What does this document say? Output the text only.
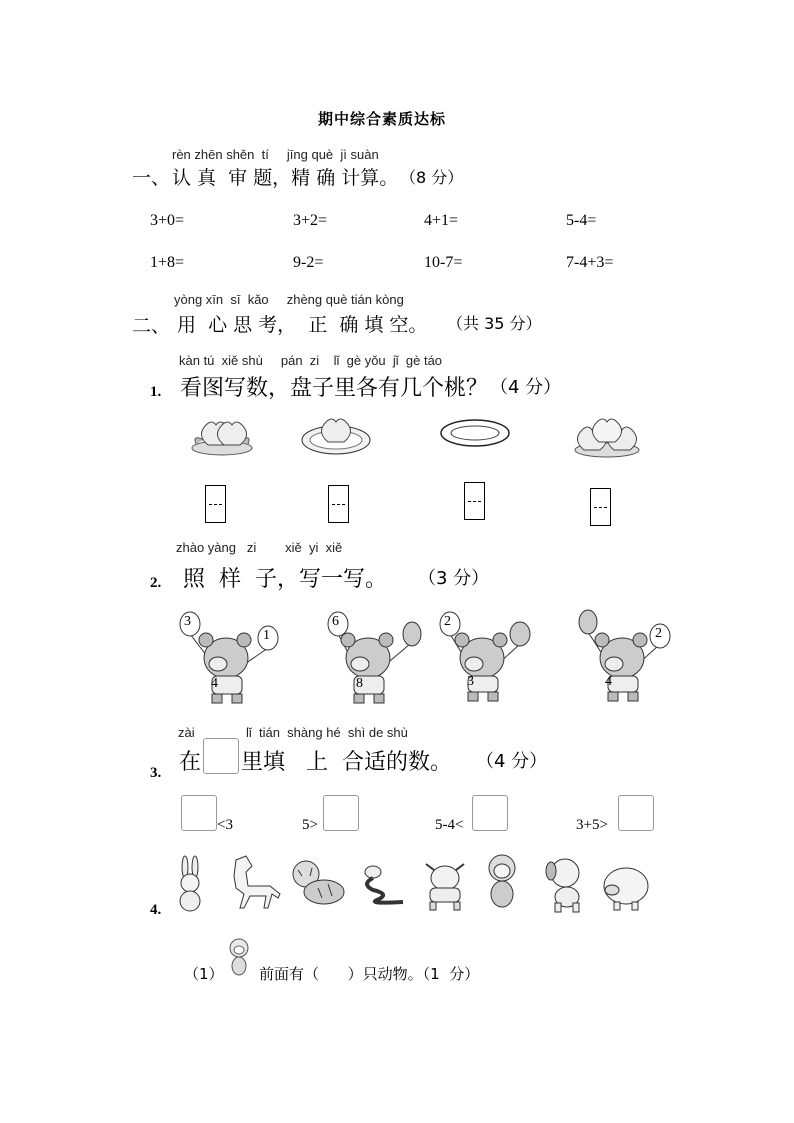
期中综合素质达标
rèn zhēn shěn  tí     jīng què  jì suàn
一、 认 真  审 题，精 确 计算。 （8 分）
3+0=	3+2=	4+1=	5-4=
1+8=	9-2=	10-7=	7-4+3=
yòng xīn  sī  kǎo     zhèng què tián kòng
二、 用  心 思 考，  正  确 填 空。 （共 35 分）
kàn tú  xiě shù     pán  zi    lǐ  gè yǒu  jǐ  gè táo
1. 看图写数，盘子里各有几个桃？ （4 分）
zhào yàng   zi        xiě  yi  xiě
2. 照  样  子，写一写。 （3 分）
3
1
4
6
8
2
3
2
4
zài	lǐ  tián  shàng hé  shì de shù
3. 在 里填   上  合适的数。 （4 分）
<3	5>	5-4<	3+5>
4.
（1） 前面有（      ）只动物。（1  分）
